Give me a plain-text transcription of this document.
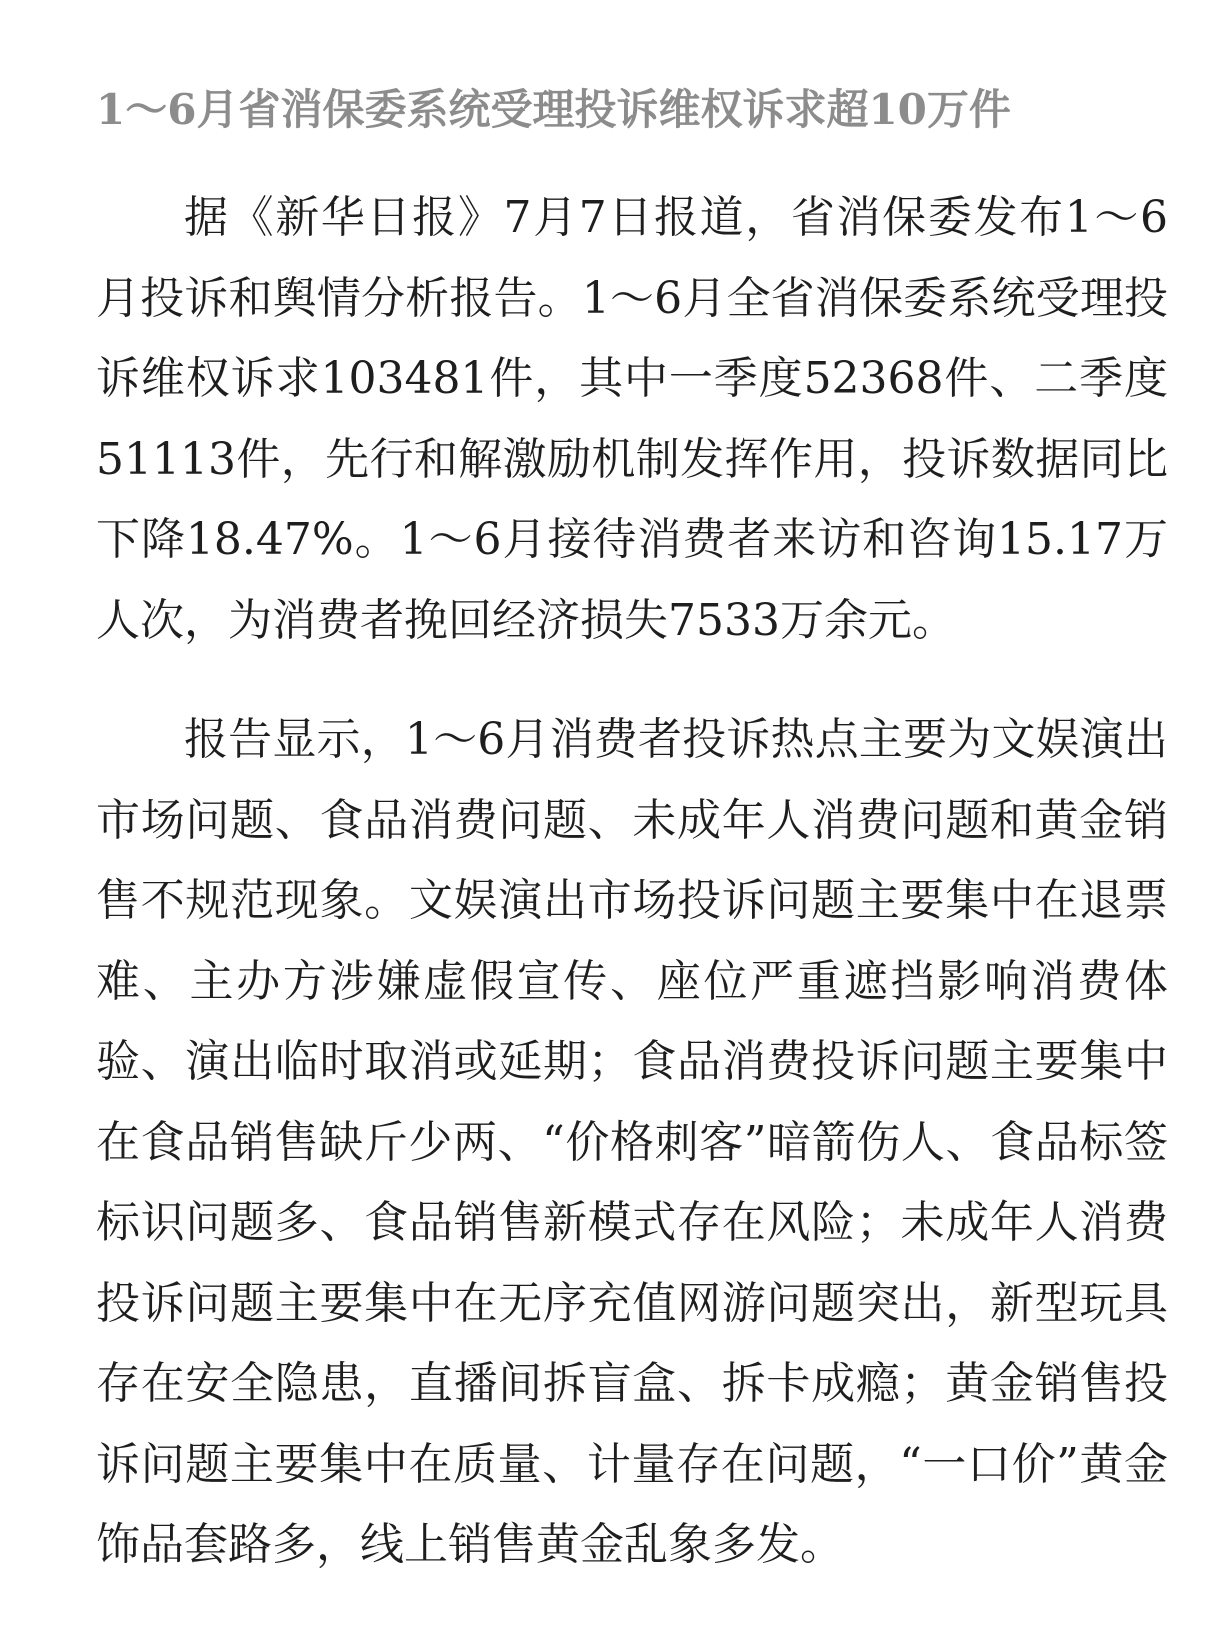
1～6月省消保委系统受理投诉维权诉求超10万件

据《新华日报》7月7日报道，省消保委发布1～6月投诉和舆情分析报告。1～6月全省消保委系统受理投诉维权诉求103481件，其中一季度52368件、二季度51113件，先行和解激励机制发挥作用，投诉数据同比下降18.47%。1～6月接待消费者来访和咨询15.17万人次，为消费者挽回经济损失7533万余元。

报告显示，1～6月消费者投诉热点主要为文娱演出市场问题、食品消费问题、未成年人消费问题和黄金销售不规范现象。文娱演出市场投诉问题主要集中在退票难、主办方涉嫌虚假宣传、座位严重遮挡影响消费体验、演出临时取消或延期；食品消费投诉问题主要集中在食品销售缺斤少两、“价格刺客”暗箭伤人、食品标签标识问题多、食品销售新模式存在风险；未成年人消费投诉问题主要集中在无序充值网游问题突出，新型玩具存在安全隐患，直播间拆盲盒、拆卡成瘾；黄金销售投诉问题主要集中在质量、计量存在问题，“一口价”黄金饰品套路多，线上销售黄金乱象多发。
